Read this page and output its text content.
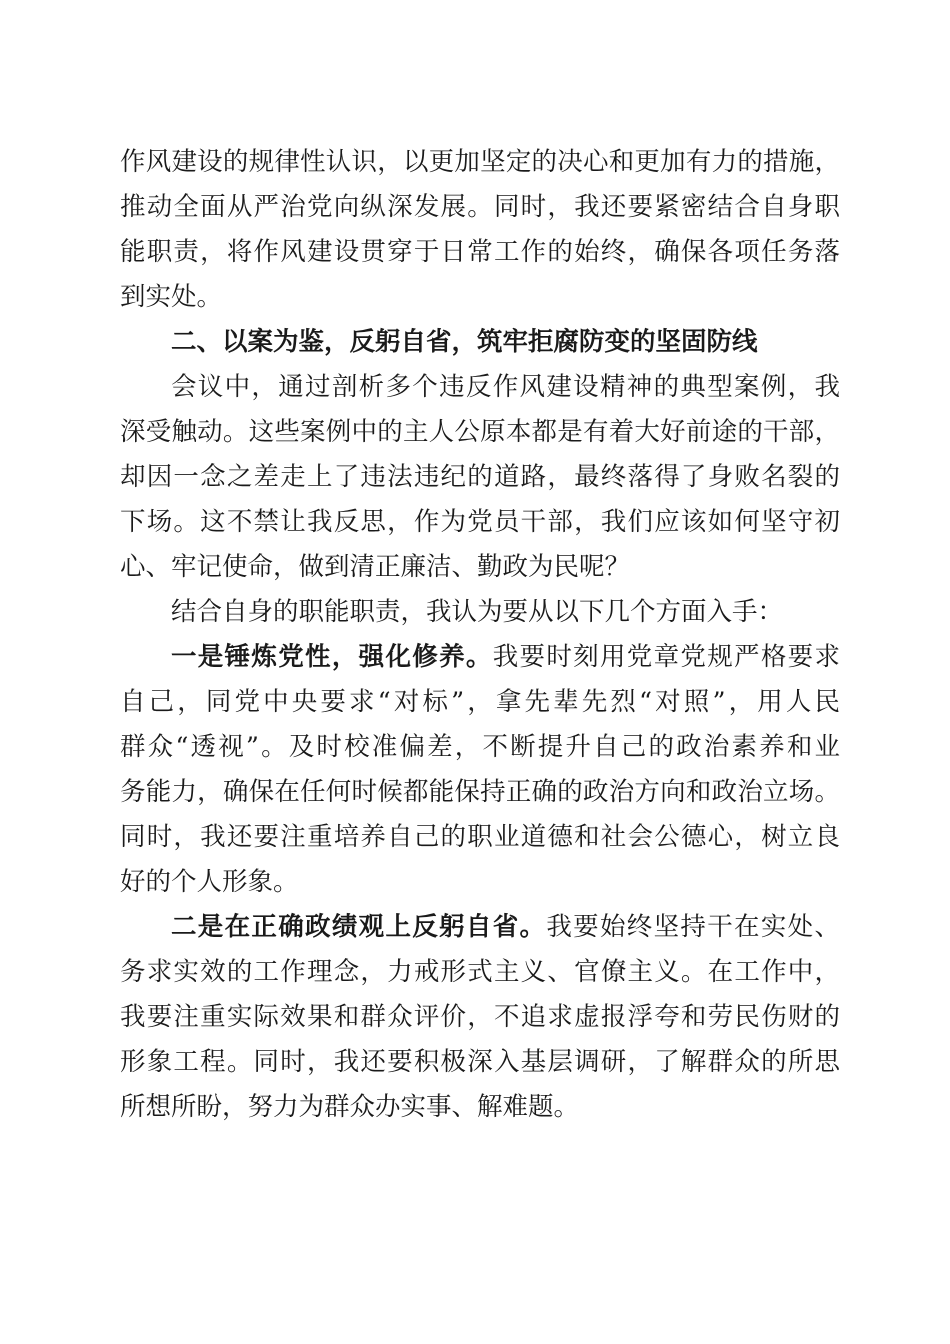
作风建设的规律性认识，以更加坚定的决心和更加有力的措施，
推动全面从严治党向纵深发展。同时，我还要紧密结合自身职
能职责，将作风建设贯穿于日常工作的始终，确保各项任务落
到实处。
二、以案为鉴，反躬自省，筑牢拒腐防变的坚固防线
会议中，通过剖析多个违反作风建设精神的典型案例，我
深受触动。这些案例中的主人公原本都是有着大好前途的干部，
却因一念之差走上了违法违纪的道路，最终落得了身败名裂的
下场。这不禁让我反思，作为党员干部，我们应该如何坚守初
心、牢记使命，做到清正廉洁、勤政为民呢？
结合自身的职能职责，我认为要从以下几个方面入手：
一是锤炼党性，强化修养。我要时刻用党章党规严格要求
自己，同党中央要求“对标”，拿先辈先烈“对照”，用人民
群众“透视”。及时校准偏差，不断提升自己的政治素养和业
务能力，确保在任何时候都能保持正确的政治方向和政治立场。
同时，我还要注重培养自己的职业道德和社会公德心，树立良
好的个人形象。
二是在正确政绩观上反躬自省。我要始终坚持干在实处、
务求实效的工作理念，力戒形式主义、官僚主义。在工作中，
我要注重实际效果和群众评价，不追求虚报浮夸和劳民伤财的
形象工程。同时，我还要积极深入基层调研，了解群众的所思
所想所盼，努力为群众办实事、解难题。
